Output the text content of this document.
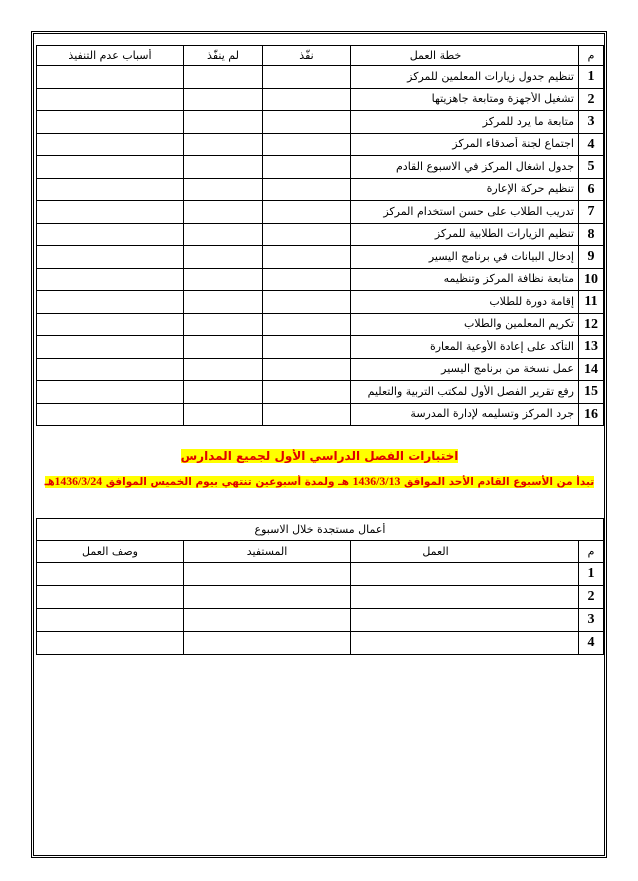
م	خطة العمل	نفّذ	لم ينفّذ	أسباب عدم التنفيذ

1	تنظيم جدول زيارات المعلمين للمركز			

2	تشغيل الأجهزة ومتابعة جاهزيتها			

3	متابعة ما يرد للمركز			

4	اجتماع لجنة أصدقاء المركز			

5	جدول اشغال المركز في الاسبوع القادم			

6	تنظيم حركة الإعارة			

7	تدريب الطلاب على حسن استخدام المركز			

8	تنظيم الزيارات الطلابية للمركز			

9	إدخال البيانات في برنامج اليسير			

10	متابعة نظافة المركز وتنظيمه			

11	إقامة دورة للطلاب			

12	تكريم المعلمين والطلاب			

13	التأكد على إعادة الأوعية المعارة			

14	عمل نسخة من برنامج اليسير			

15	رفع تقرير الفصل الأول لمكتب التربية والتعليم			

16	جرد المركز وتسليمه لإدارة المدرسة			

اختبارات الفصل الدراسي الأول لجميع المدارس
تبدأ من الأسبوع القادم الأحد الموافق 1436/3/13 هـ ولمدة أسبوعين تنتهي بيوم الخميس الموافق 1436/3/24هـ
أعمال مستجدة خلال الاسبوع			

م	العمل	المستفيد	وصف العمل

1			

2			

3			

4			
